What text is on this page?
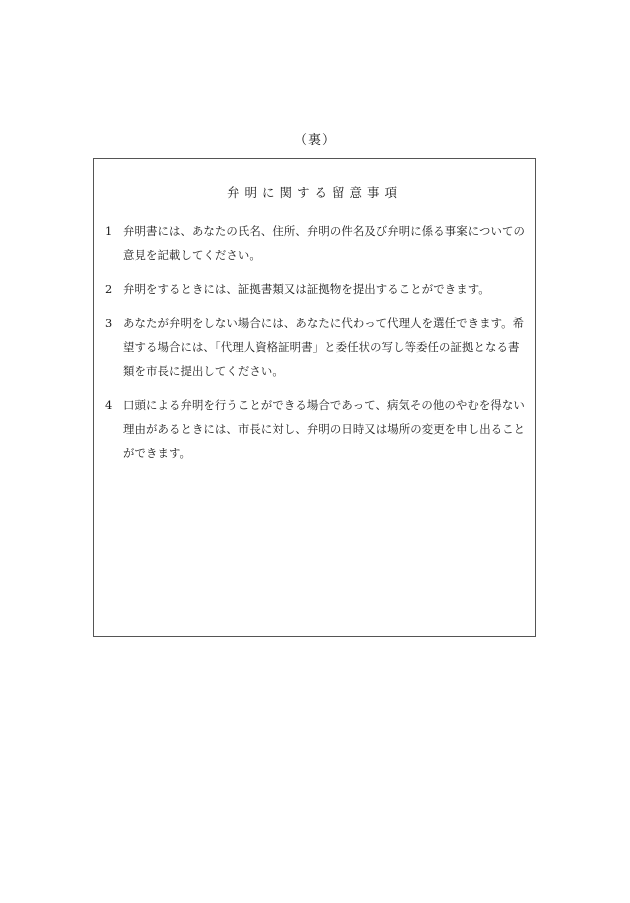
（裏）
弁明に関する留意事項
1 弁明書には、あなたの氏名、住所、弁明の件名及び弁明に係る事案についての意見を記載してください。
2 弁明をするときには、証拠書類又は証拠物を提出することができます。
3 あなたが弁明をしない場合には、あなたに代わって代理人を選任できます。希望する場合には、「代理人資格証明書」と委任状の写し等委任の証拠となる書類を市長に提出してください。
4 口頭による弁明を行うことができる場合であって、病気その他のやむを得ない理由があるときには、市長に対し、弁明の日時又は場所の変更を申し出ることができます。
